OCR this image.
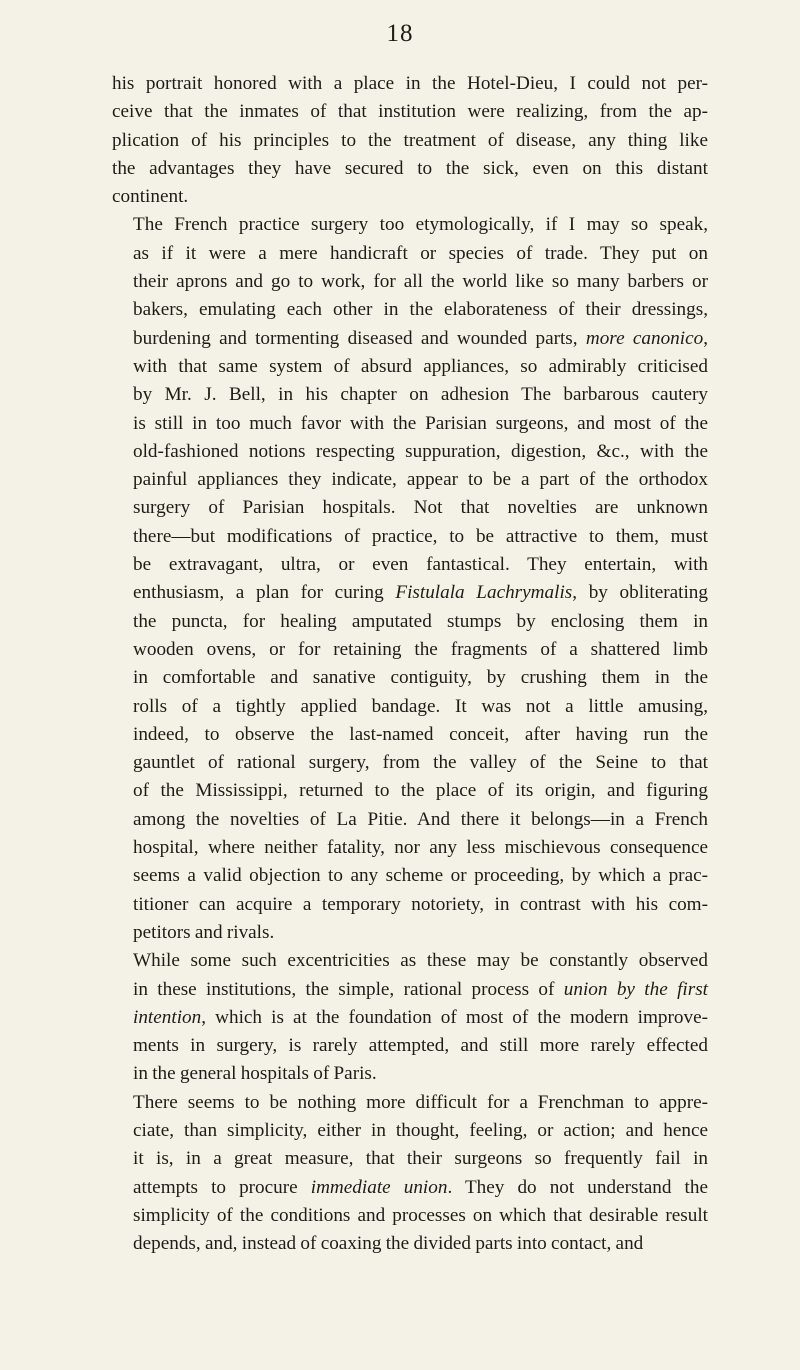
18
his portrait honored with a place in the Hotel-Dieu, I could not per-
ceive that the inmates of that institution were realizing, from the ap-
plication of his principles to the treatment of disease, any thing like
the advantages they have secured to the sick, even on this distant
continent.
The French practice surgery too etymologically, if I may so speak,
as if it were a mere handicraft or species of trade. They put on
their aprons and go to work, for all the world like so many barbers or
bakers, emulating each other in the elaborateness of their dressings,
burdening and tormenting diseased and wounded parts, more canonico,
with that same system of absurd appliances, so admirably criticised
by Mr. J. Bell, in his chapter on adhesion The barbarous cautery
is still in too much favor with the Parisian surgeons, and most of the
old-fashioned notions respecting suppuration, digestion, &c., with the
painful appliances they indicate, appear to be a part of the orthodox
surgery of Parisian hospitals. Not that novelties are unknown
there—but modifications of practice, to be attractive to them, must
be extravagant, ultra, or even fantastical. They entertain, with
enthusiasm, a plan for curing Fistulala Lachrymalis, by obliterating
the puncta, for healing amputated stumps by enclosing them in
wooden ovens, or for retaining the fragments of a shattered limb
in comfortable and sanative contiguity, by crushing them in the
rolls of a tightly applied bandage. It was not a little amusing,
indeed, to observe the last-named conceit, after having run the
gauntlet of rational surgery, from the valley of the Seine to that
of the Mississippi, returned to the place of its origin, and figuring
among the novelties of La Pitie. And there it belongs—in a French
hospital, where neither fatality, nor any less mischievous consequence
seems a valid objection to any scheme or proceeding, by which a prac-
titioner can acquire a temporary notoriety, in contrast with his com-
petitors and rivals.
While some such excentricities as these may be constantly observed
in these institutions, the simple, rational process of union by the first
intention, which is at the foundation of most of the modern improve-
ments in surgery, is rarely attempted, and still more rarely effected
in the general hospitals of Paris.
There seems to be nothing more difficult for a Frenchman to appre-
ciate, than simplicity, either in thought, feeling, or action; and hence
it is, in a great measure, that their surgeons so frequently fail in
attempts to procure immediate union. They do not understand the
simplicity of the conditions and processes on which that desirable result
depends, and, instead of coaxing the divided parts into contact, and
